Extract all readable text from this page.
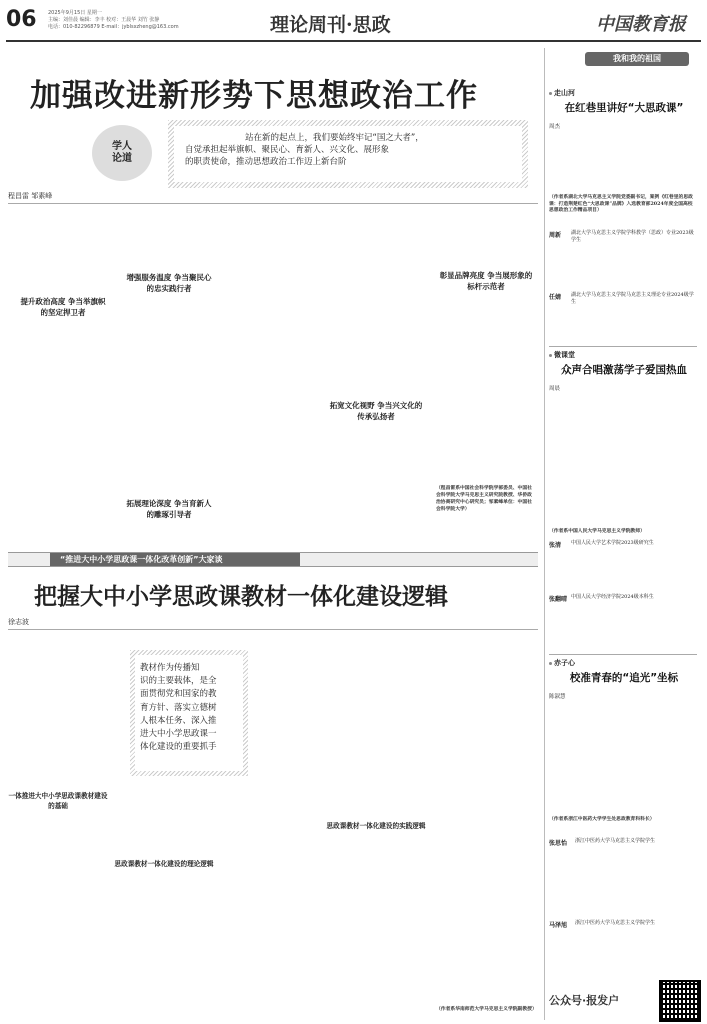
06 2025年9月15日 星期一
主编：刘佳晨 编辑：李丰 校对：王晨华 刘竹 张静
电话：010-82296879 E-mail：jyblsxzheng@163.com	理论周刊·思政	中国教育报
加强改进新形势下思想政治工作
学人论道
站在新的起点上，我们要始终牢记“国之大者”，
自觉承担起举旗帜、聚民心、育新人、兴文化、展形象
的职责使命，推动思想政治工作迈上新台阶
程昌雷 邹素峰
提升政治高度 争当举旗帜的坚定捍卫者
增强服务温度 争当聚民心的忠实践行者
拓展理论深度 争当育新人的雕琢引导者
拓宽文化视野 争当兴文化的传承弘扬者
彰显品牌亮度 争当展形象的标杆示范者
（程昌雷系中国社会科学院学部委员、中国社会科学院大学马克思主义研究院教授、华侨政治协商研究中心研究员；邹素峰单位：中国社会科学院大学）
“推进大中小学思政课一体化改革创新”大家谈
把握大中小学思政课教材一体化建设逻辑
徐志波
教材作为传播知
识的主要载体，是全
面贯彻党和国家的教
育方针、落实立德树
人根本任务、深入推
进大中小学思政课一
体化建设的重要抓手
一体推进大中小学思政课教材建设的基础
思政课教材一体化建设的理论逻辑
思政课教材一体化建设的实践逻辑
（作者系华南师范大学马克思主义学院副教授）
我和我的祖国
走山河
在红巷里讲好“大思政课”
周杰
（作者系湖北大学马克思主义学院党委副书记，案例《红巷里的思政课：打造荆楚红色“大思政课”品牌》入选教育部2024年度全国高校思想政治工作精品项目）
周新 湖北大学马克思主义学院学科教学（思政）专业2023级学生
任婧 湖北大学马克思主义学院马克思主义理论专业2024级学生
微课堂
众声合唱激荡学子爱国热血
周晨
（作者系中国人民大学马克思主义学院教师）
张清 中国人民大学艺术学院2023级研究生
张翻晴 中国人民大学经济学院2024级本科生
赤子心
校准青春的“追光”坐标
陈淑慧
（作者系浙江中医药大学学生处思政教育科科长）
张思怡 浙江中医药大学马克思主义学院学生
马泽旭 浙江中医药大学马克思主义学院学生
公众号·报发户
